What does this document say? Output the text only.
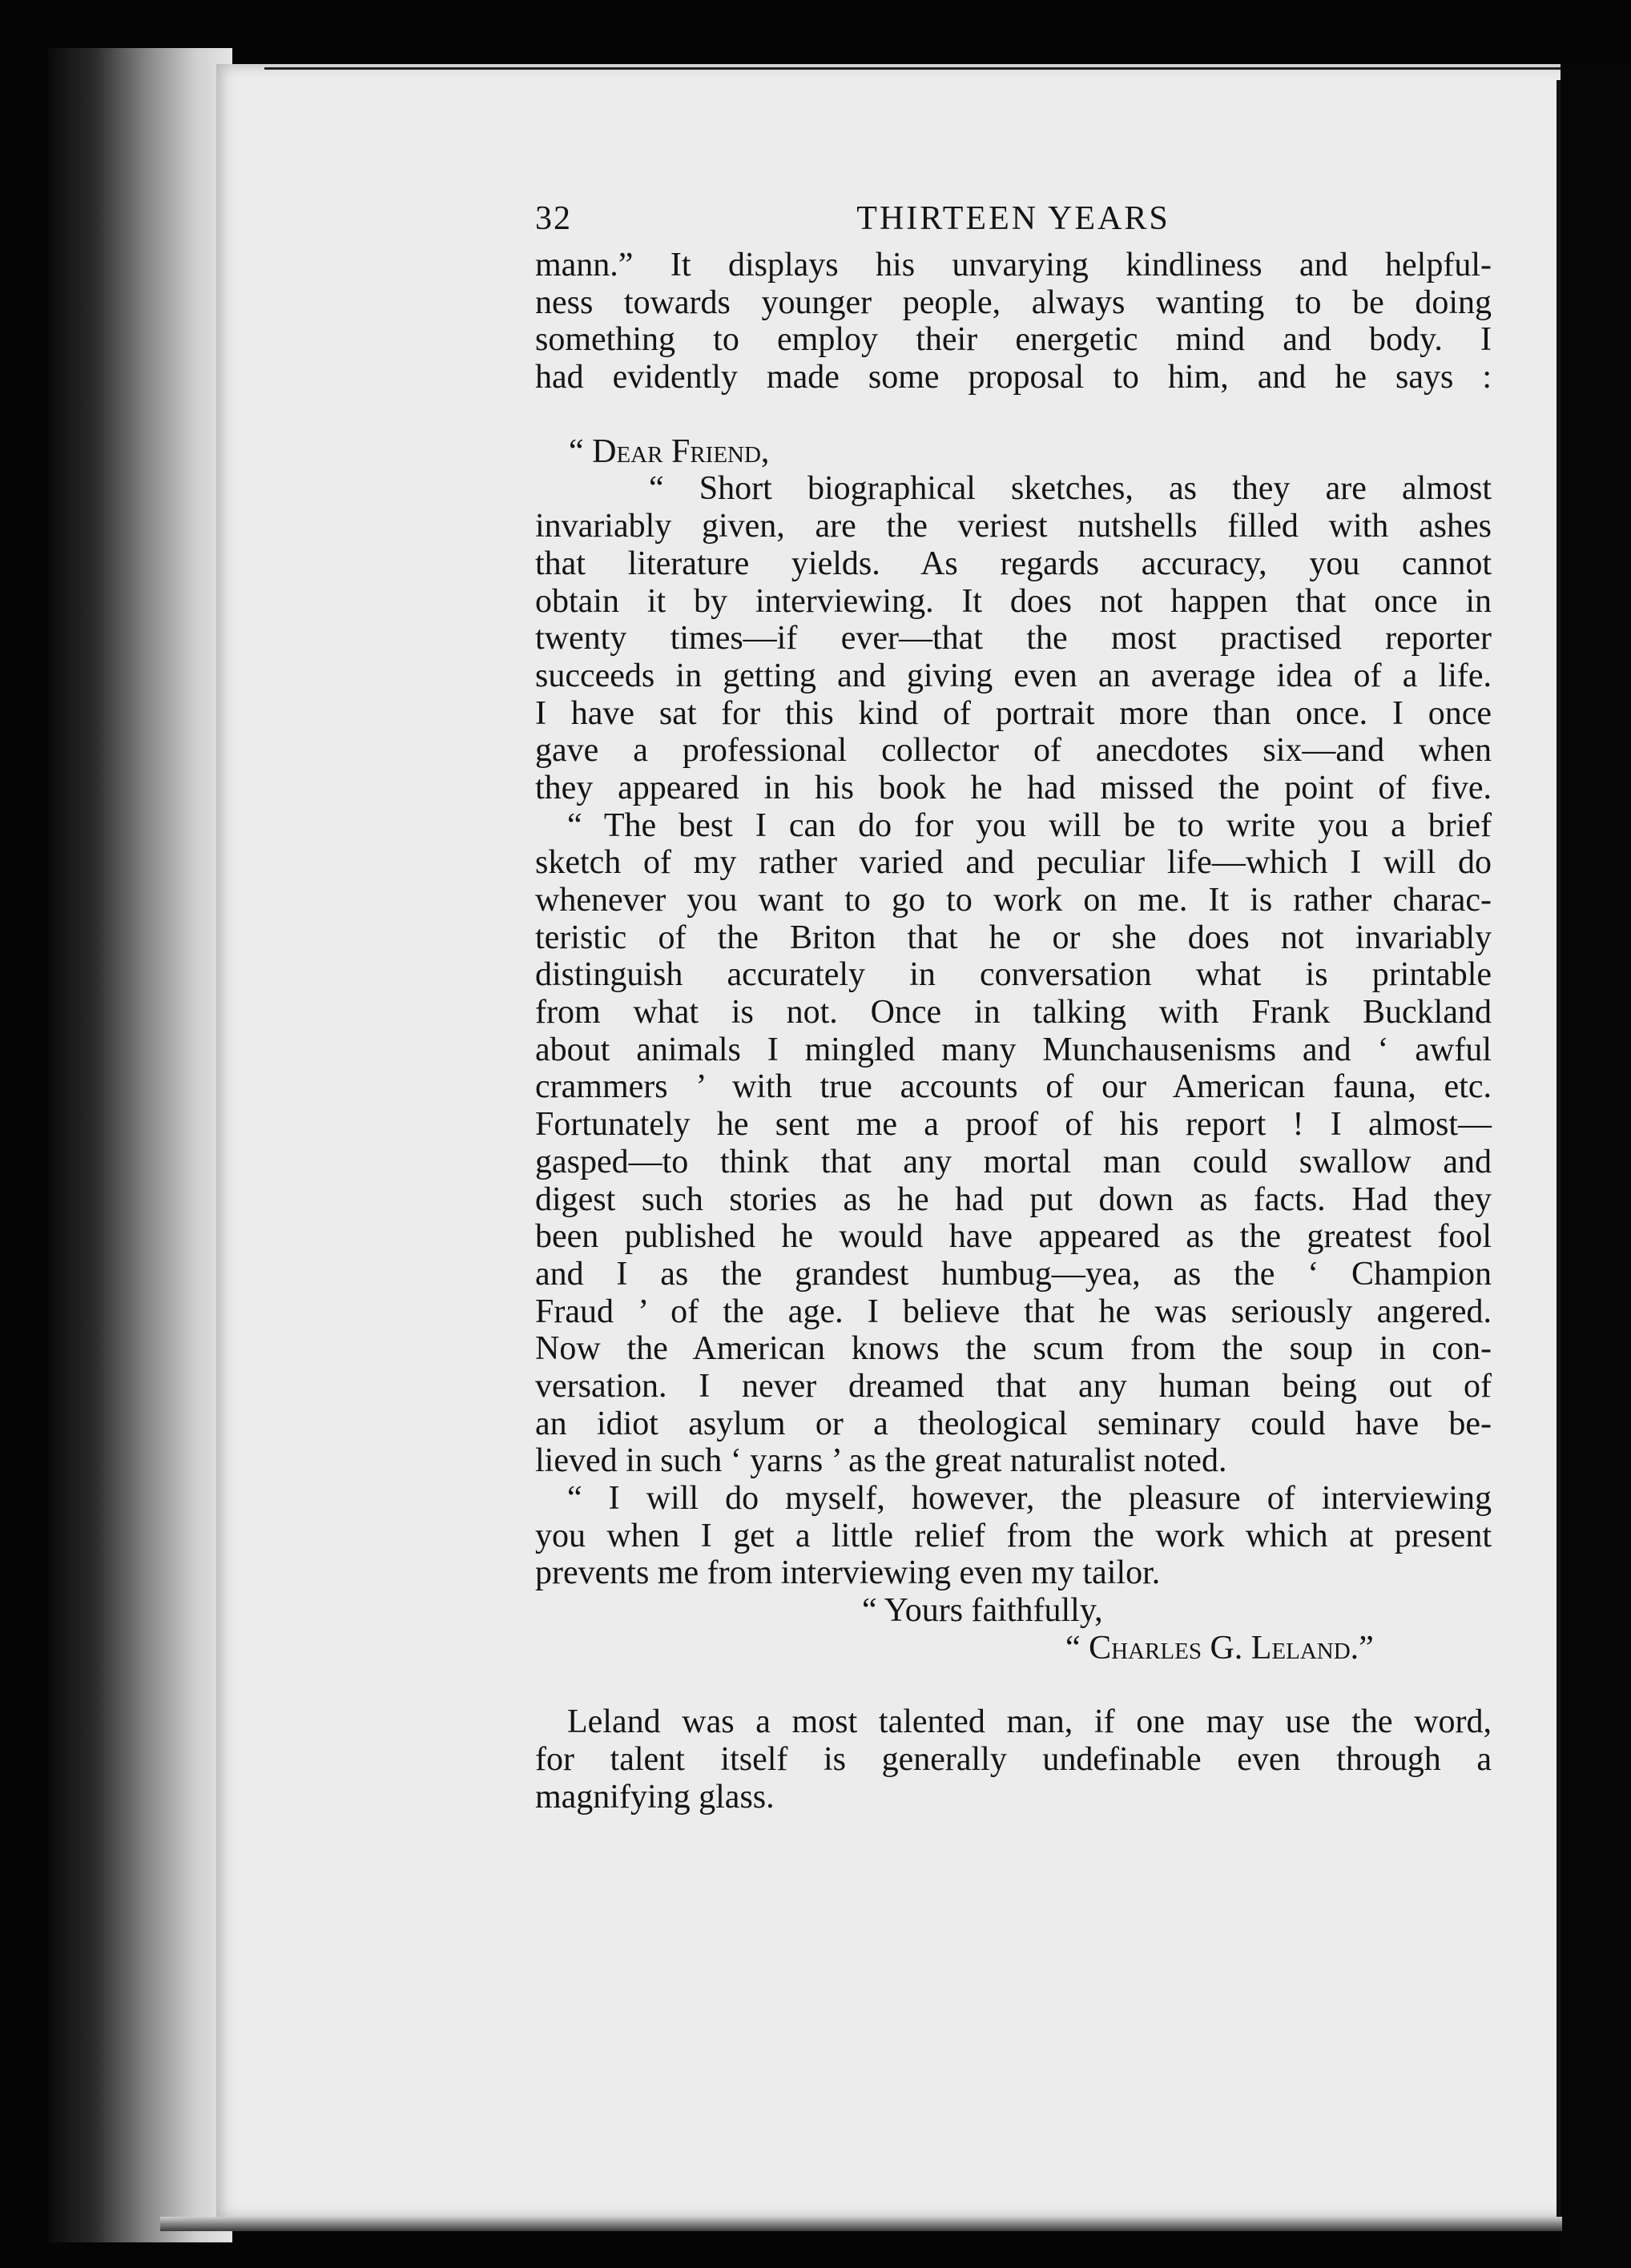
32	THIRTEEN YEARS
mann.” It displays his unvarying kindliness and helpful-
ness towards younger people, always wanting to be doing
something to employ their energetic mind and body. I
had evidently made some proposal to him, and he says :
“ Dear Friend,
“ Short biographical sketches, as they are almost
invariably given, are the veriest nutshells filled with ashes
that literature yields. As regards accuracy, you cannot
obtain it by interviewing. It does not happen that once in
twenty times—if ever—that the most practised reporter
succeeds in getting and giving even an average idea of a life.
I have sat for this kind of portrait more than once. I once
gave a professional collector of anecdotes six—and when
they appeared in his book he had missed the point of five.
“ The best I can do for you will be to write you a brief
sketch of my rather varied and peculiar life—which I will do
whenever you want to go to work on me. It is rather charac-
teristic of the Briton that he or she does not invariably
distinguish accurately in conversation what is printable
from what is not. Once in talking with Frank Buckland
about animals I mingled many Munchausenisms and ‘ awful
crammers ’ with true accounts of our American fauna, etc.
Fortunately he sent me a proof of his report ! I almost—
gasped—to think that any mortal man could swallow and
digest such stories as he had put down as facts. Had they
been published he would have appeared as the greatest fool
and I as the grandest humbug—yea, as the ‘ Champion
Fraud ’ of the age. I believe that he was seriously angered.
Now the American knows the scum from the soup in con-
versation. I never dreamed that any human being out of
an idiot asylum or a theological seminary could have be-
lieved in such ‘ yarns ’ as the great naturalist noted.
“ I will do myself, however, the pleasure of interviewing
you when I get a little relief from the work which at present
prevents me from interviewing even my tailor.
“ Yours faithfully,
“ Charles G. Leland.”
Leland was a most talented man, if one may use the word,
for talent itself is generally undefinable even through a
magnifying glass.
